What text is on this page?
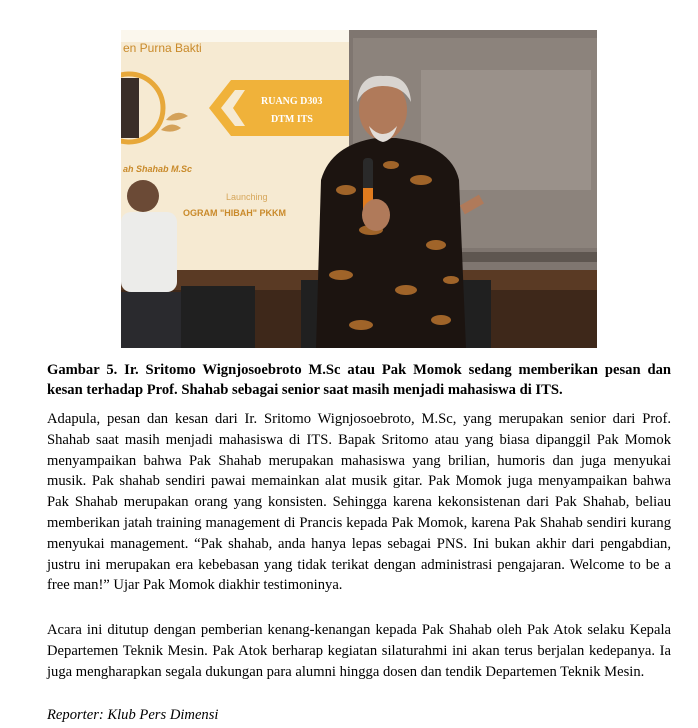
en Purna Bakti
ah Shahab M.Sc
Launching
OGRAM "HIBAH" PKKM
RUANG D303
DTM ITS
Gambar 5. Ir. Sritomo Wignjosoebroto M.Sc atau Pak Momok sedang memberikan pesan dan kesan terhadap Prof. Shahab sebagai senior saat masih menjadi mahasiswa di ITS.
Adapula, pesan dan kesan dari Ir. Sritomo Wignjosoebroto, M.Sc, yang merupakan senior dari Prof. Shahab saat masih menjadi mahasiswa di ITS. Bapak Sritomo atau yang biasa dipanggil Pak Momok menyampaikan bahwa Pak Shahab merupakan mahasiswa yang brilian, humoris dan juga menyukai musik. Pak shahab sendiri pawai memainkan alat musik gitar. Pak Momok juga menyampaikan bahwa Pak Shahab merupakan orang yang konsisten. Sehingga karena kekonsistenan dari Pak Shahab, beliau memberikan jatah training management di Prancis kepada Pak Momok, karena Pak Shahab sendiri kurang menyukai management. “Pak shahab, anda hanya lepas sebagai PNS. Ini bukan akhir dari pengabdian, justru ini merupakan era kebebasan yang tidak terikat dengan administrasi pengajaran. Welcome to be a free man!” Ujar Pak Momok diakhir testimoninya.
Acara ini ditutup dengan pemberian kenang-kenangan kepada Pak Shahab oleh Pak Atok selaku Kepala Departemen Teknik Mesin. Pak Atok berharap kegiatan silaturahmi ini akan terus berjalan kedepanya. Ia juga mengharapkan segala dukungan para alumni hingga dosen dan tendik Departemen Teknik Mesin.
Reporter: Klub Pers Dimensi
